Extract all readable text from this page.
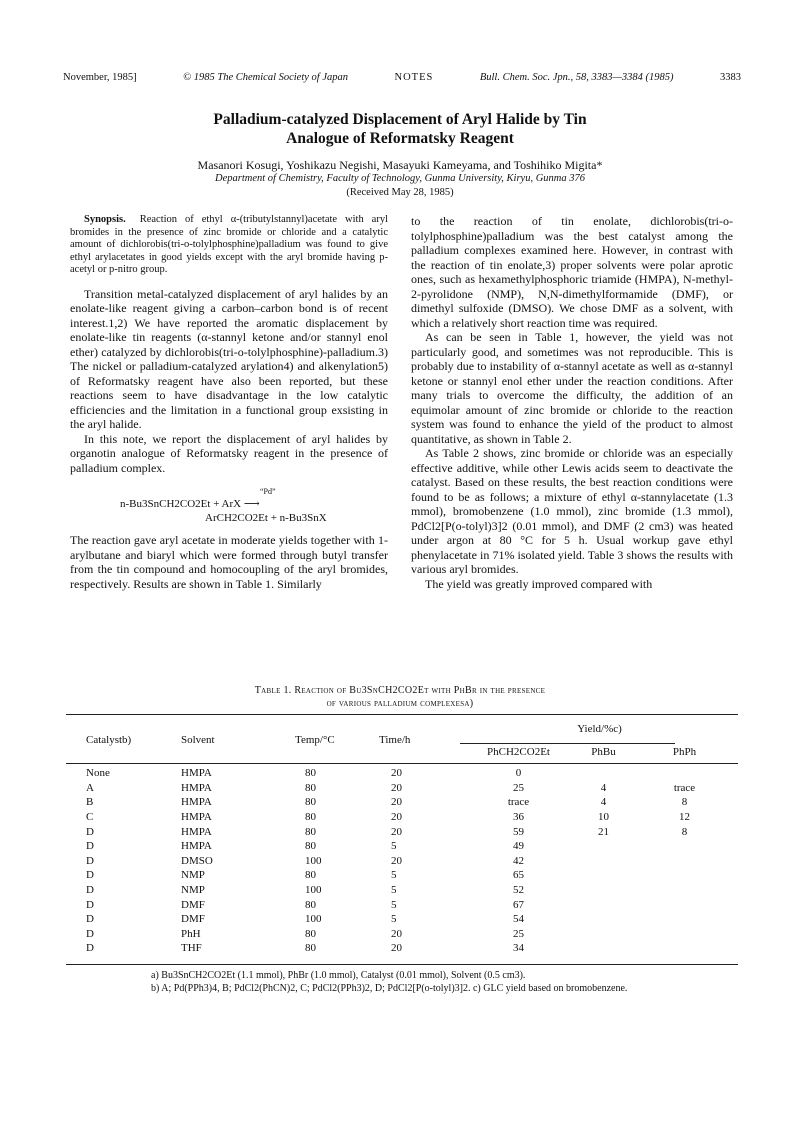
November, 1985]	© 1985 The Chemical Society of Japan	NOTES	Bull. Chem. Soc. Jpn., 58, 3383—3384 (1985)	3383
Palladium-catalyzed Displacement of Aryl Halide by Tin
Analogue of Reformatsky Reagent
Masanori Kosugi, Yoshikazu Negishi, Masayuki Kameyama, and Toshihiko Migita*
Department of Chemistry, Faculty of Technology, Gunma University, Kiryu, Gunma 376
(Received May 28, 1985)

Synopsis. Reaction of ethyl α-(tributylstannyl)acetate with aryl bromides in the presence of zinc bromide or chloride and a catalytic amount of dichlorobis(tri-o-tolylphosphine)palladium was found to give ethyl arylacetates in good yields except with the aryl bromide having p-acetyl or p-nitro group.

Transition metal-catalyzed displacement of aryl halides by an enolate-like reagent giving a carbon–carbon bond is of recent interest.1,2) We have reported the aromatic displacement by enolate-like tin reagents (α-stannyl ketone and/or stannyl enol ether) catalyzed by dichlorobis(tri-o-tolylphosphine)-palladium.3) The nickel or palladium-catalyzed arylation4) and alkenylation5) of Reformatsky reagent have also been reported, but these reactions seem to have disadvantage in the low catalytic efficiencies and the limitation in a functional group exsisting in the aryl halide.

In this note, we report the displacement of aryl halides by organotin analogue of Reformatsky reagent in the presence of palladium complex.

n-Bu3SnCH2CO2Et + ArX ⟶
“Pd”
ArCH2CO2Et + n-Bu3SnX

The reaction gave aryl acetate in moderate yields together with 1-arylbutane and biaryl which were formed through butyl transfer from the tin compound and homocoupling of the aryl bromides, respectively. Results are shown in Table 1. Similarly

to the reaction of tin enolate, dichlorobis(tri-o-tolylphosphine)palladium was the best catalyst among the palladium complexes examined here. However, in contrast with the reaction of tin enolate,3) proper solvents were polar aprotic ones, such as hexamethylphosphoric triamide (HMPA), N-methyl-2-pyrolidone (NMP), N,N-dimethylformamide (DMF), or dimethyl sulfoxide (DMSO). We chose DMF as a solvent, with which a relatively short reaction time was required.

As can be seen in Table 1, however, the yield was not particularly good, and sometimes was not reproducible. This is probably due to instability of α-stannyl acetate as well as α-stannyl ketone or stannyl enol ether under the reaction conditions. After many trials to overcome the difficulty, the addition of an equimolar amount of zinc bromide or chloride to the reaction system was found to enhance the yield of the product to almost quantitative, as shown in Table 2.

As Table 2 shows, zinc bromide or chloride was an especially effective additive, while other Lewis acids seem to deactivate the catalyst. Based on these results, the best reaction conditions were found to be as follows; a mixture of ethyl α-stannylacetate (1.3 mmol), bromobenzene (1.0 mmol), zinc bromide (1.3 mmol), PdCl2[P(o-tolyl)3]2 (0.01 mmol), and DMF (2 cm3) was heated under argon at 80 °C for 5 h. Usual workup gave ethyl phenylacetate in 71% isolated yield. Table 3 shows the results with various aryl bromides.

The yield was greatly improved compared with

Table 1. Reaction of Bu3SnCH2CO2Et with PhBr in the presence
of various palladium complexesa)
Catalystb)	Solvent	Temp/°C	Time/h	Yield/%c)		
				PhCH2CO2Et	PhBu	PhPh
None	HMPA	80	20	0		
A	HMPA	80	20	25	4	trace
B	HMPA	80	20	trace	4	8
C	HMPA	80	20	36	10	12
D	HMPA	80	20	59	21	8
D	HMPA	80	5	49		
D	DMSO	100	20	42		
D	NMP	80	5	65		
D	NMP	100	5	52		
D	DMF	80	5	67		
D	DMF	100	5	54		
D	PhH	80	20	25		
D	THF	80	20	34		
a) Bu3SnCH2CO2Et (1.1 mmol), PhBr (1.0 mmol), Catalyst (0.01 mmol), Solvent (0.5 cm3).
b) A; Pd(PPh3)4, B; PdCl2(PhCN)2, C; PdCl2(PPh3)2, D; PdCl2[P(o-tolyl)3]2. c) GLC yield based on bromobenzene.
